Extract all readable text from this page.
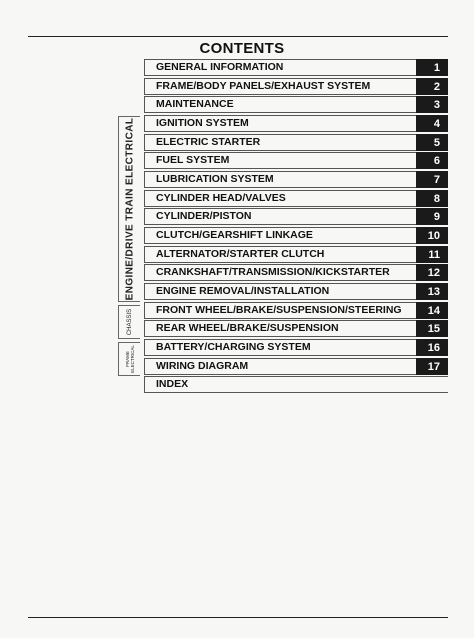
CONTENTS
ENGINE/DRIVE TRAIN ELECTRICAL
CHASSIS
FRAME
ELECTRICAL
GENERAL INFORMATION	1
FRAME/BODY PANELS/EXHAUST SYSTEM	2
MAINTENANCE	3
IGNITION SYSTEM	4
ELECTRIC STARTER	5
FUEL SYSTEM	6
LUBRICATION SYSTEM	7
CYLINDER HEAD/VALVES	8
CYLINDER/PISTON	9
CLUTCH/GEARSHIFT LINKAGE	10
ALTERNATOR/STARTER CLUTCH	11
CRANKSHAFT/TRANSMISSION/KICKSTARTER	12
ENGINE REMOVAL/INSTALLATION	13
FRONT WHEEL/BRAKE/SUSPENSION/STEERING	14
REAR WHEEL/BRAKE/SUSPENSION	15
BATTERY/CHARGING SYSTEM	16
WIRING DIAGRAM	17
INDEX
